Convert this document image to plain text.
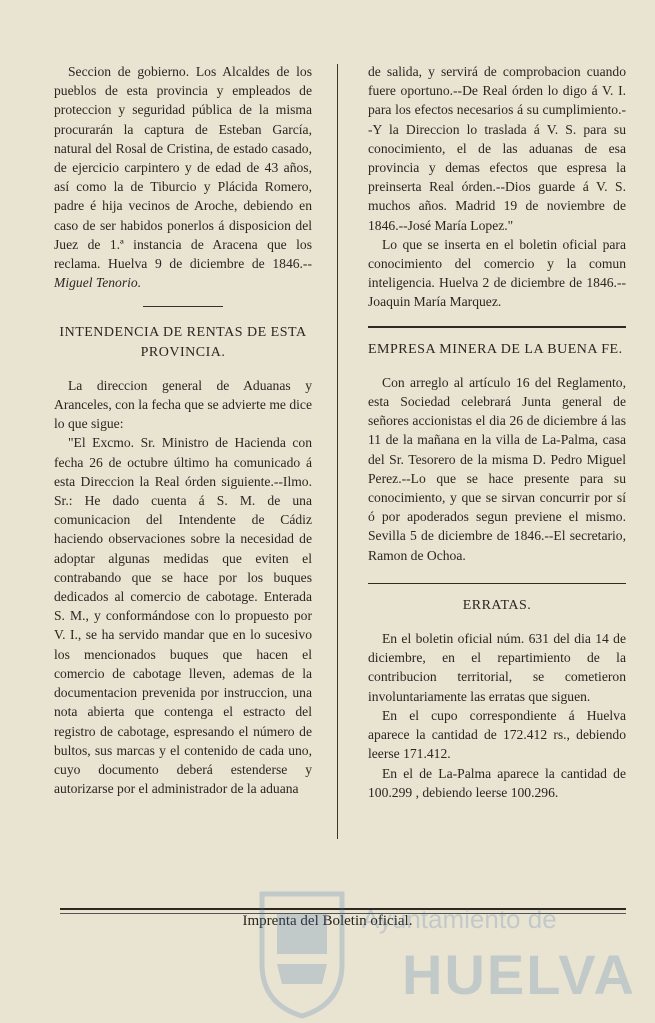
Seccion de gobierno. Los Alcaldes de los pueblos de esta provincia y empleados de proteccion y seguridad pública de la misma procurarán la captura de Esteban García, natural del Rosal de Cristina, de estado casado, de ejercicio carpintero y de edad de 43 años, así como la de Tiburcio y Plácida Romero, padre é hija vecinos de Aroche, debiendo en caso de ser habidos ponerlos á disposicion del Juez de 1.ª instancia de Aracena que los reclama. Huelva 9 de diciembre de 1846.--Miguel Tenorio.

INTENDENCIA DE RENTAS DE ESTA PROVINCIA.

La direccion general de Aduanas y Aranceles, con la fecha que se advierte me dice lo que sigue:

"El Excmo. Sr. Ministro de Hacienda con fecha 26 de octubre último ha comunicado á esta Direccion la Real órden siguiente.--Ilmo. Sr.: He dado cuenta á S. M. de una comunicacion del Intendente de Cádiz haciendo observaciones sobre la necesidad de adoptar algunas medidas que eviten el contrabando que se hace por los buques dedicados al comercio de cabotage. Enterada S. M., y conformándose con lo propuesto por V. I., se ha servido mandar que en lo sucesivo los mencionados buques que hacen el comercio de cabotage lleven, ademas de la documentacion prevenida por instruccion, una nota abierta que contenga el estracto del registro de cabotage, espresando el número de bultos, sus marcas y el contenido de cada uno, cuyo documento deberá estenderse y autorizarse por el administrador de la aduana

de salida, y servirá de comprobacion cuando fuere oportuno.--De Real órden lo digo á V. I. para los efectos necesarios á su cumplimiento.--Y la Direccion lo traslada á V. S. para su conocimiento, el de las aduanas de esa provincia y demas efectos que espresa la preinserta Real órden.--Dios guarde á V. S. muchos años. Madrid 19 de noviembre de 1846.--José María Lopez."

Lo que se inserta en el boletin oficial para conocimiento del comercio y la comun inteligencia. Huelva 2 de diciembre de 1846.--Joaquin María Marquez.

EMPRESA MINERA DE LA BUENA FE.

Con arreglo al artículo 16 del Reglamento, esta Sociedad celebrará Junta general de señores accionistas el dia 26 de diciembre á las 11 de la mañana en la villa de La-Palma, casa del Sr. Tesorero de la misma D. Pedro Miguel Perez.--Lo que se hace presente para su conocimiento, y que se sirvan concurrir por sí ó por apoderados segun previene el mismo. Sevilla 5 de diciembre de 1846.--El secretario, Ramon de Ochoa.

ERRATAS.

En el boletin oficial núm. 631 del dia 14 de diciembre, en el repartimiento de la contribucion territorial, se cometieron involuntariamente las erratas que siguen.

En el cupo correspondiente á Huelva aparece la cantidad de 172.412 rs., debiendo leerse 171.412.

En el de La-Palma aparece la cantidad de 100.299 , debiendo leerse 100.296.

Imprenta del Boletin oficial.
Ayuntamiento de
HUELVA
